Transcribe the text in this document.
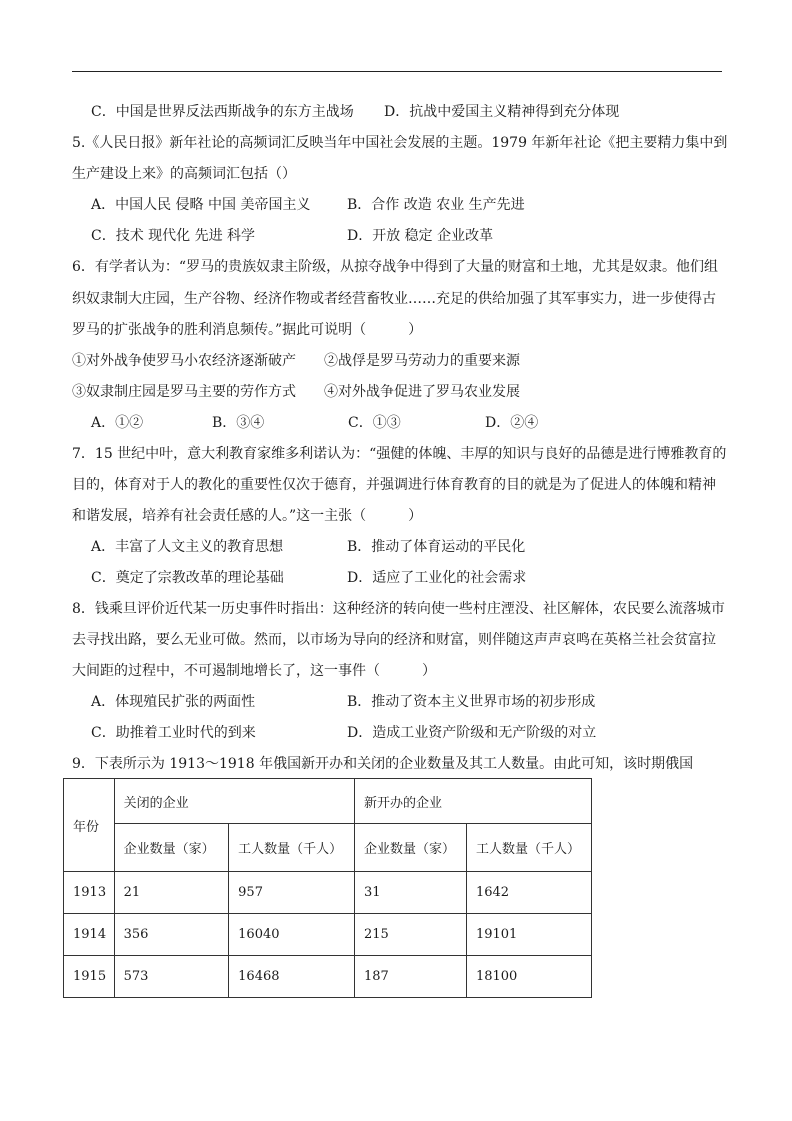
C．中国是世界反法西斯战争的东方主战场 D．抗战中爱国主义精神得到充分体现
5.《人民日报》新年社论的高频词汇反映当年中国社会发展的主题。1979 年新年社论《把主要精力集中到
生产建设上来》的高频词汇包括（）
A．中国人民 侵略 中国 美帝国主义	B．合作 改造 农业 生产先进
C．技术 现代化 先进 科学	D．开放 稳定 企业改革
6．有学者认为：“罗马的贵族奴隶主阶级，从掠夺战争中得到了大量的财富和土地，尤其是奴隶。他们组
织奴隶制大庄园，生产谷物、经济作物或者经营畜牧业……充足的供给加强了其军事实力，进一步使得古
罗马的扩张战争的胜利消息频传。”据此可说明（　　　）
①对外战争使罗马小农经济逐渐破产 ②战俘是罗马劳动力的重要来源
③奴隶制庄园是罗马主要的劳作方式 ④对外战争促进了罗马农业发展
A．①②	B．③④	C．①③	D．②④
7．15 世纪中叶，意大利教育家维多利诺认为：“强健的体魄、丰厚的知识与良好的品德是进行博雅教育的
目的，体育对于人的教化的重要性仅次于德育，并强调进行体育教育的目的就是为了促进人的体魄和精神
和谐发展，培养有社会责任感的人。”这一主张（　　　）
A．丰富了人文主义的教育思想	B．推动了体育运动的平民化
C．奠定了宗教改革的理论基础	D．适应了工业化的社会需求
8．钱乘旦评价近代某一历史事件时指出：这种经济的转向使一些村庄湮没、社区解体，农民要么流落城市
去寻找出路，要么无业可做。然而，以市场为导向的经济和财富，则伴随这声声哀鸣在英格兰社会贫富拉
大间距的过程中，不可遏制地增长了，这一事件（　　　）
A．体现殖民扩张的两面性	B．推动了资本主义世界市场的初步形成
C．助推着工业时代的到来	D．造成工业资产阶级和无产阶级的对立
9．下表所示为 1913～1918 年俄国新开办和关闭的企业数量及其工人数量。由此可知，该时期俄国
年份	关闭的企业		新开办的企业	
	企业数量（家）	工人数量（千人）	企业数量（家）	工人数量（千人）
1913	21	957	31	1642
1914	356	16040	215	19101
1915	573	16468	187	18100
